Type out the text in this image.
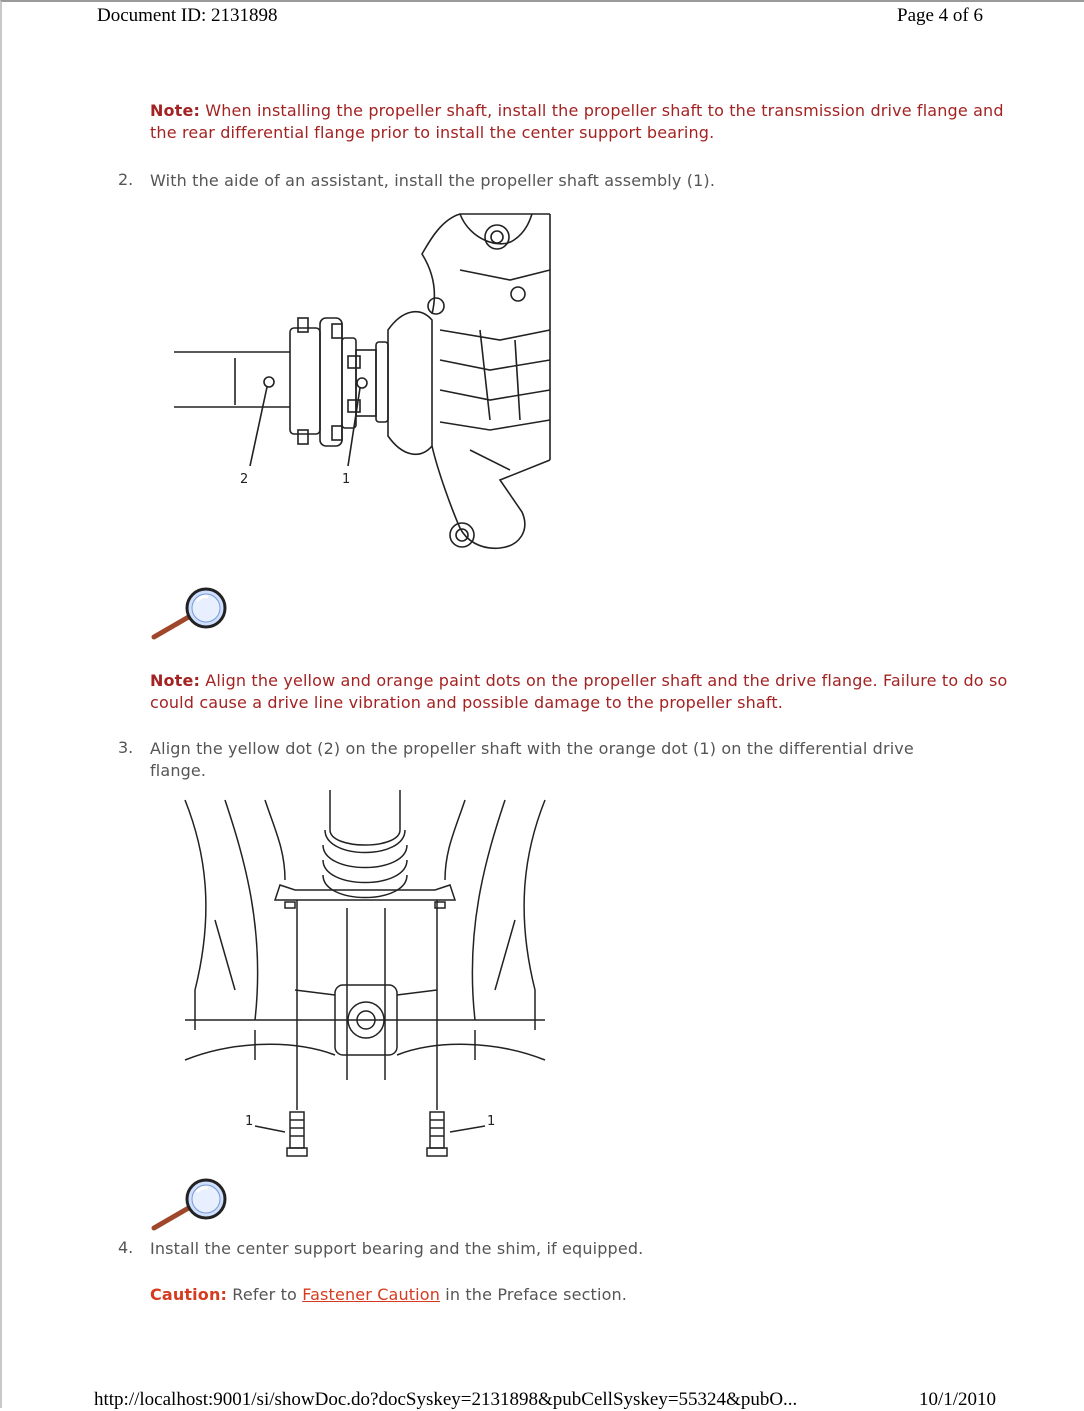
Document ID: 2131898	Page 4 of 6
Note: When installing the propeller shaft, install the propeller shaft to the transmission drive flange and the rear differential flange prior to install the center support bearing.
2. With the aide of an assistant, install the propeller shaft assembly (1).
2	1
Note: Align the yellow and orange paint dots on the propeller shaft and the drive flange. Failure to do so could cause a drive line vibration and possible damage to the propeller shaft.
3. Align the yellow dot (2) on the propeller shaft with the orange dot (1) on the differential drive flange.
1	1
4. Install the center support bearing and the shim, if equipped.
Caution: Refer to Fastener Caution in the Preface section.
http://localhost:9001/si/showDoc.do?docSyskey=2131898&pubCellSyskey=55324&pubO...	10/1/2010
